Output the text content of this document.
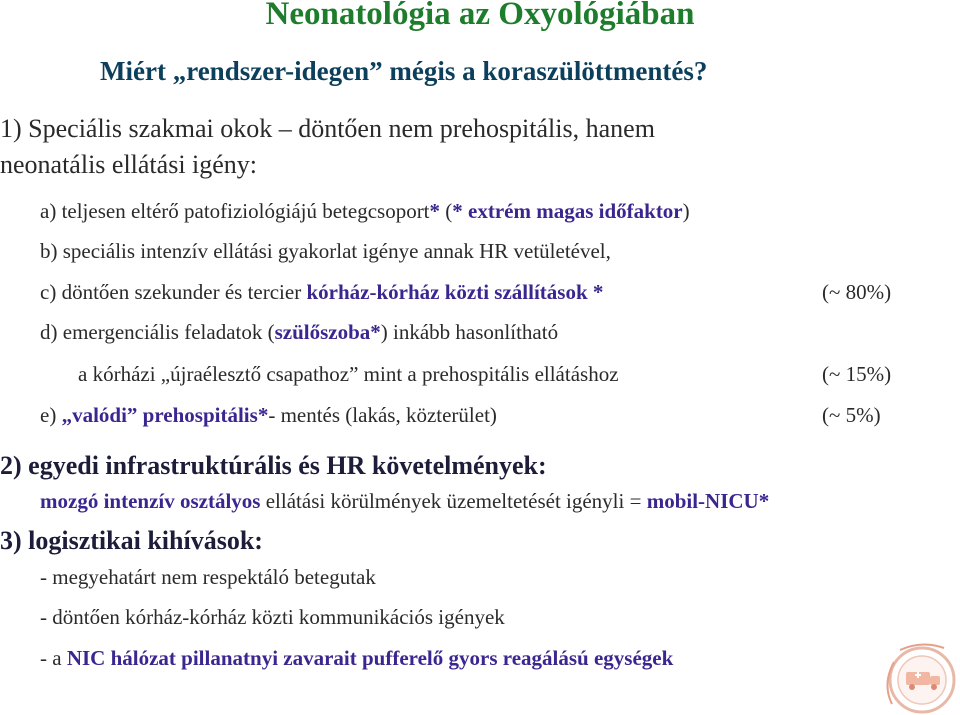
Neonatológia az Oxyológiában
Miért „rendszer-idegen” mégis a koraszülöttmentés?
1) Speciális szakmai okok – döntően nem prehospitális, hanem
neonatális ellátási igény:
a) teljesen eltérő patofiziológiájú betegcsoport* (* extrém magas időfaktor)
b) speciális intenzív ellátási gyakorlat igénye annak HR vetületével,
c) döntően szekunder és tercier kórház-kórház közti szállítások *	(~ 80%)
d) emergenciális feladatok (szülőszoba*) inkább hasonlítható
a kórházi „újraélesztő csapathoz” mint a prehospitális ellátáshoz	(~ 15%)
e) „valódi” prehospitális*- mentés (lakás, közterület)	(~ 5%)
2) egyedi infrastruktúrális és HR követelmények:
mozgó intenzív osztályos ellátási körülmények üzemeltetését igényli = mobil-NICU*
3) logisztikai kihívások:
- megyehatárt nem respektáló betegutak
- döntően kórház-kórház közti kommunikációs igények
- a NIC hálózat pillanatnyi zavarait pufferelő gyors reagálású egységek
